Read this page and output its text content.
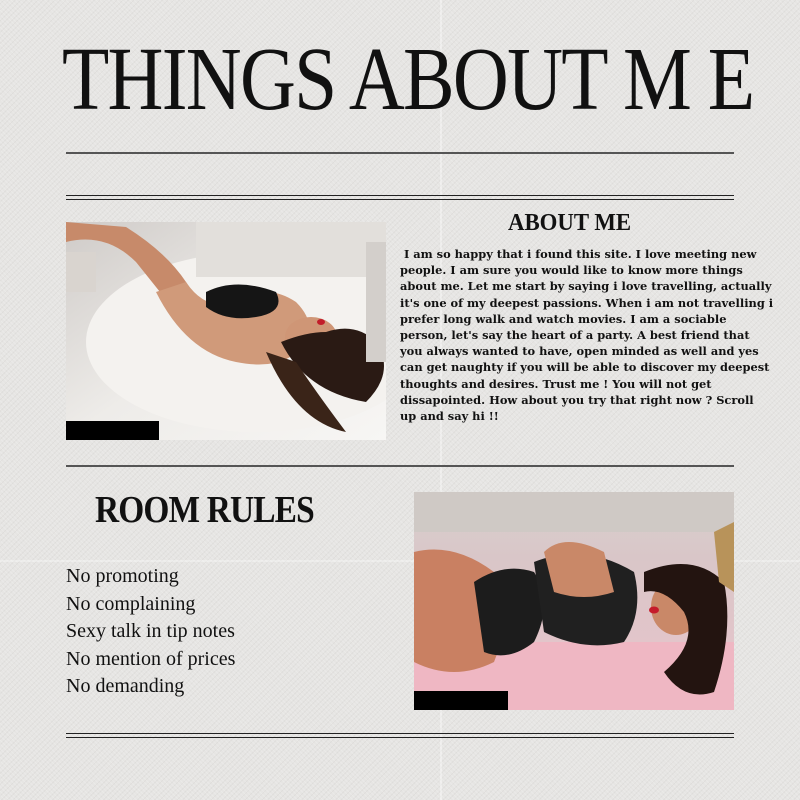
THINGS ABOUT M E
ABOUT ME

I am so happy that i found this site. I love meeting new
people. I am sure you would like to know more things
about me. Let me start by saying i love travelling, actually
it's one of my deepest passions. When i am not travelling i
prefer long walk and watch movies. I am a sociable
person, let's say the heart of a party. A best friend that
you always wanted to have, open minded as well and yes
can get naughty if you will be able to discover my deepest
thoughts and desires. Trust me ! You will not get
dissapointed. How about you try that right now ? Scroll
up and say hi !!

ROOM RULES
No promoting
No complaining
Sexy talk in tip notes
No mention of prices
No demanding
